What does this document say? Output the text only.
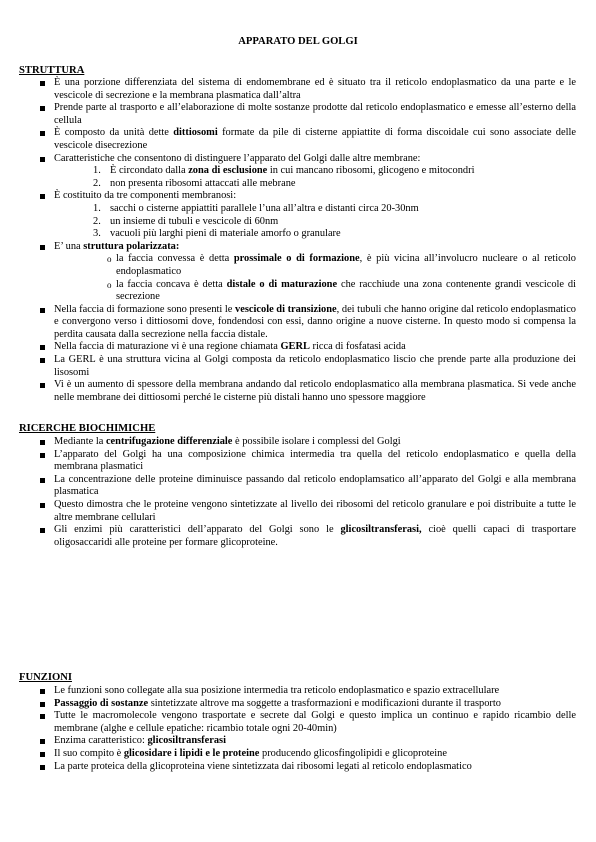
APPARATO DEL GOLGI
STRUTTURA
È una porzione differenziata del sistema di endomembrane ed è situato tra il reticolo endoplasmatico da una parte e le vescicole di secrezione e la membrana plasmatica dall’altra
Prende parte al trasporto e all’elaborazione di molte sostanze prodotte dal reticolo endoplasmatico e emesse all’esterno della cellula
È composto da unità dette dittiosomi formate da pile di cisterne appiattite di forma discoidale cui sono associate delle vescicole disecrezione
Caratteristiche che consentono di distinguere l’apparato del Golgi dalle altre membrane:
1. È circondato dalla zona di esclusione in cui mancano ribosomi, glicogeno e mitocondri
2. non presenta ribosomi attaccati alle mebrane
È costituito da tre componenti membranosi:
1. sacchi o cisterne appiattiti parallele l’una all’altra e distanti circa 20-30nm
2. un insieme di tubuli e vescicole di 60nm
3. vacuoli più larghi pieni di materiale amorfo o granulare
E’ una struttura polarizzata:
o la faccia convessa è detta prossimale o di formazione, è più vicina all’involucro nucleare o al reticolo endoplasmatico
o la faccia concava è detta distale o di maturazione che racchiude una zona contenente grandi vescicole di secrezione
Nella faccia di formazione sono presenti le vescicole di transizione, dei tubuli che hanno origine dal reticolo endoplasmatico e convergono verso i dittiosomi dove, fondendosi con essi, danno origine a nuove cisterne. In questo modo si compensa la perdita causata dalla secrezione nella faccia distale.
Nella faccia di maturazione vi è una regione chiamata GERL ricca di fosfatasi acida
La GERL è una struttura vicina al Golgi composta da reticolo endoplasmatico liscio che prende parte alla produzione dei lisosomi
Vi è un aumento di spessore della membrana andando dal reticolo endoplasmatico alla membrana plasmatica. Si vede anche nelle membrane dei dittiosomi perché le cisterne più distali hanno uno spessore maggiore
RICERCHE BIOCHIMICHE
Mediante la centrifugazione differenziale è possibile isolare i complessi del Golgi
L’apparato del Golgi ha una composizione chimica intermedia tra quella del reticolo endoplasmatico e quella della membrana plasmatici
La concentrazione delle proteine diminuisce passando dal reticolo endoplamsatico all’apparato del Golgi e alla membrana plasmatica
Questo dimostra che le proteine vengono sintetizzate al livello dei ribosomi del reticolo granulare e poi distribuite a tutte le altre membrane cellulari
Gli enzimi più caratteristici dell’apparato del Golgi sono le glicosiltransferasi, cioè quelli capaci di trasportare oligosaccaridi alle proteine per formare glicoproteine.
FUNZIONI
Le funzioni sono collegate alla sua posizione intermedia tra reticolo endoplasmatico e spazio extracellulare
Passaggio di sostanze sintetizzate altrove ma soggette a trasformazioni e modificazioni durante il trasporto
Tutte le macromolecole vengono trasportate e secrete dal Golgi e questo implica un continuo e rapido ricambio delle membrane (alghe e cellule epatiche: ricambio totale ogni 20-40min)
Enzima caratteristico: glicosiltransferasi
Il suo compito è glicosidare i lipidi e le proteine producendo glicosfingolipidi e glicoproteine
La parte proteica della glicoproteina viene sintetizzata dai ribosomi legati al reticolo endoplasmatico
